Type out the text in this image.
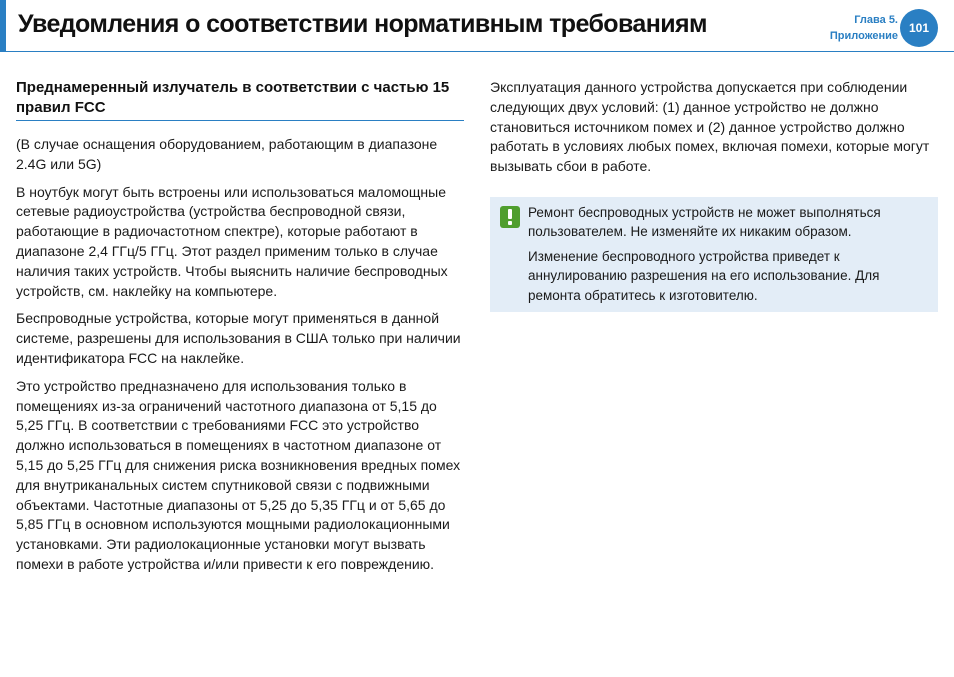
Уведомления о соответствии нормативным требованиям	Глава 5.
Приложение
101
Преднамеренный излучатель в соответствии с частью 15 правил FCC

(В случае оснащения оборудованием, работающим в диапазоне 2.4G или 5G)

В ноутбук могут быть встроены или использоваться маломощные сетевые радиоустройства (устройства беспроводной связи, работающие в радиочастотном спектре), которые работают в диапазоне 2,4 ГГц/5 ГГц. Этот раздел применим только в случае наличия таких устройств. Чтобы выяснить наличие беспроводных устройств, см. наклейку на компьютере.

Беспроводные устройства, которые могут применяться в данной системе, разрешены для использования в США только при наличии идентификатора FCC на наклейке.

Это устройство предназначено для использования только в помещениях из-за ограничений частотного диапазона от 5,15 до 5,25 ГГц. В соответствии с требованиями FCC это устройство должно использоваться в помещениях в частотном диапазоне от 5,15 до 5,25 ГГц для снижения риска возникновения вредных помех для внутриканальных систем спутниковой связи с подвижными объектами. Частотные диапазоны от 5,25 до 5,35 ГГц и от 5,65 до 5,85 ГГц в основном используются мощными радиолокационными установками. Эти радиолокационные установки могут вызвать помехи в работе устройства и/или привести к его повреждению.

Эксплуатация данного устройства допускается при соблюдении следующих двух условий: (1) данное устройство не должно становиться источником помех и (2) данное устройство должно работать в условиях любых помех, включая помехи, которые могут вызывать сбои в работе.

Ремонт беспроводных устройств не может выполняться пользователем. Не изменяйте их никаким образом.

Изменение беспроводного устройства приведет к аннулированию разрешения на его использование. Для ремонта обратитесь к изготовителю.
